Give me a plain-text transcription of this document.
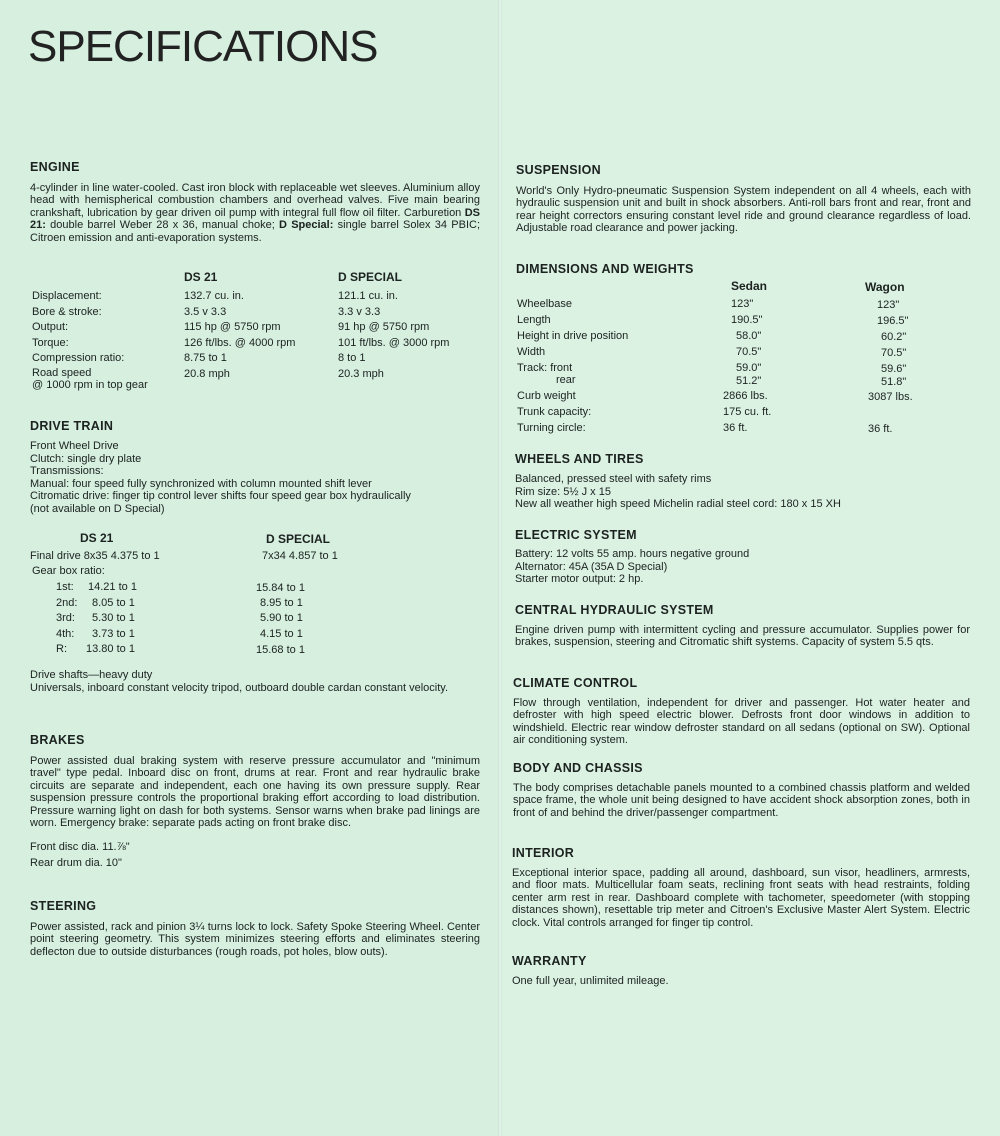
SPECIFICATIONS
ENGINE

4-cylinder in line water-cooled. Cast iron block with replaceable wet sleeves. Aluminium alloy head with hemispherical combustion chambers and overhead valves. Five main bearing crankshaft, lubrication by gear driven oil pump with integral full flow oil filter. Carburetion DS 21: double barrel Weber 28 x 36, manual choke; D Special: single barrel Solex 34 PBIC; Citroen emission and anti-evaporation systems.

DS 21	D SPECIAL
Displacement:	132.7 cu. in.	121.1 cu. in.
Bore & stroke:	3.5 v 3.3	3.3 v 3.3
Output:	115 hp @ 5750 rpm	91 hp @ 5750 rpm
Torque:	126 ft/lbs. @ 4000 rpm	101 ft/lbs. @ 3000 rpm
Compression ratio:	8.75 to 1	8 to 1
Road speed	20.8 mph	20.3 mph
@ 1000 rpm in top gear
DRIVE TRAIN
Front Wheel Drive
Clutch: single dry plate
Transmissions:
Manual: four speed fully synchronized with column mounted shift lever
Citromatic drive: finger tip control lever shifts four speed gear box hydraulically
(not available on D Special)
DS 21	D SPECIAL
Final drive 8x35 4.375 to 1	7x34 4.857 to 1
Gear box ratio:
1st: 14.21 to 1	15.84 to 1
2nd: 8.05 to 1	8.95 to 1
3rd: 5.30 to 1	5.90 to 1
4th: 3.73 to 1	4.15 to 1
R: 13.80 to 1	15.68 to 1
Drive shafts—heavy duty

Universals, inboard constant velocity tripod, outboard double cardan constant velocity.

BRAKES

Power assisted dual braking system with reserve pressure accumulator and "minimum travel" type pedal. Inboard disc on front, drums at rear. Front and rear hydraulic brake circuits are separate and independent, each one having its own pressure supply. Rear suspension pressure controls the proportional braking effort according to load distribution. Pressure warning light on dash for both systems. Sensor warns when brake pad linings are worn. Emergency brake: separate pads acting on front brake disc.

Front disc dia. 11.⅞"
Rear drum dia. 10"
STEERING

Power assisted, rack and pinion 3¼ turns lock to lock. Safety Spoke Steering Wheel. Center point steering geometry. This system minimizes steering efforts and eliminates steering deflecton due to outside disturbances (rough roads, pot holes, blow outs).

SUSPENSION

World's Only Hydro-pneumatic Suspension System independent on all 4 wheels, each with hydraulic suspension unit and built in shock absorbers. Anti-roll bars front and rear, front and rear height correctors ensuring constant level ride and ground clearance regardless of load. Adjustable road clearance and power jacking.

DIMENSIONS AND WEIGHTS
Sedan	Wagon
Wheelbase	123"	123"
Length	190.5"	196.5"
Height in drive position	58.0"	60.2"
Width	70.5"	70.5"
Track: front	59.0"	59.6"
rear	51.2"	51.8"
Curb weight	2866 lbs.	3087 lbs.
Trunk capacity:	175 cu. ft.
Turning circle:	36 ft.	36 ft.
WHEELS AND TIRES
Balanced, pressed steel with safety rims
Rim size: 5½ J x 15
New all weather high speed Michelin radial steel cord: 180 x 15 XH
ELECTRIC SYSTEM
Battery: 12 volts 55 amp. hours negative ground
Alternator: 45A (35A D Special)
Starter motor output: 2 hp.
CENTRAL HYDRAULIC SYSTEM

Engine driven pump with intermittent cycling and pressure accumulator. Supplies power for brakes, suspension, steering and Citromatic shift systems. Capacity of system 5.5 qts.

CLIMATE CONTROL

Flow through ventilation, independent for driver and passenger. Hot water heater and defroster with high speed electric blower. Defrosts front door windows in addition to windshield. Electric rear window defroster standard on all sedans (optional on SW). Optional air conditioning system.

BODY AND CHASSIS

The body comprises detachable panels mounted to a combined chassis platform and welded space frame, the whole unit being designed to have accident shock absorption zones, both in front of and behind the driver/passenger compartment.

INTERIOR

Exceptional interior space, padding all around, dashboard, sun visor, headliners, armrests, and floor mats. Multicellular foam seats, reclining front seats with head restraints, folding center arm rest in rear. Dashboard complete with tachometer, speedometer (with stopping distances shown), resettable trip meter and Citroen's Exclusive Master Alert System. Electric clock. Vital controls arranged for finger tip control.

WARRANTY

One full year, unlimited mileage.
